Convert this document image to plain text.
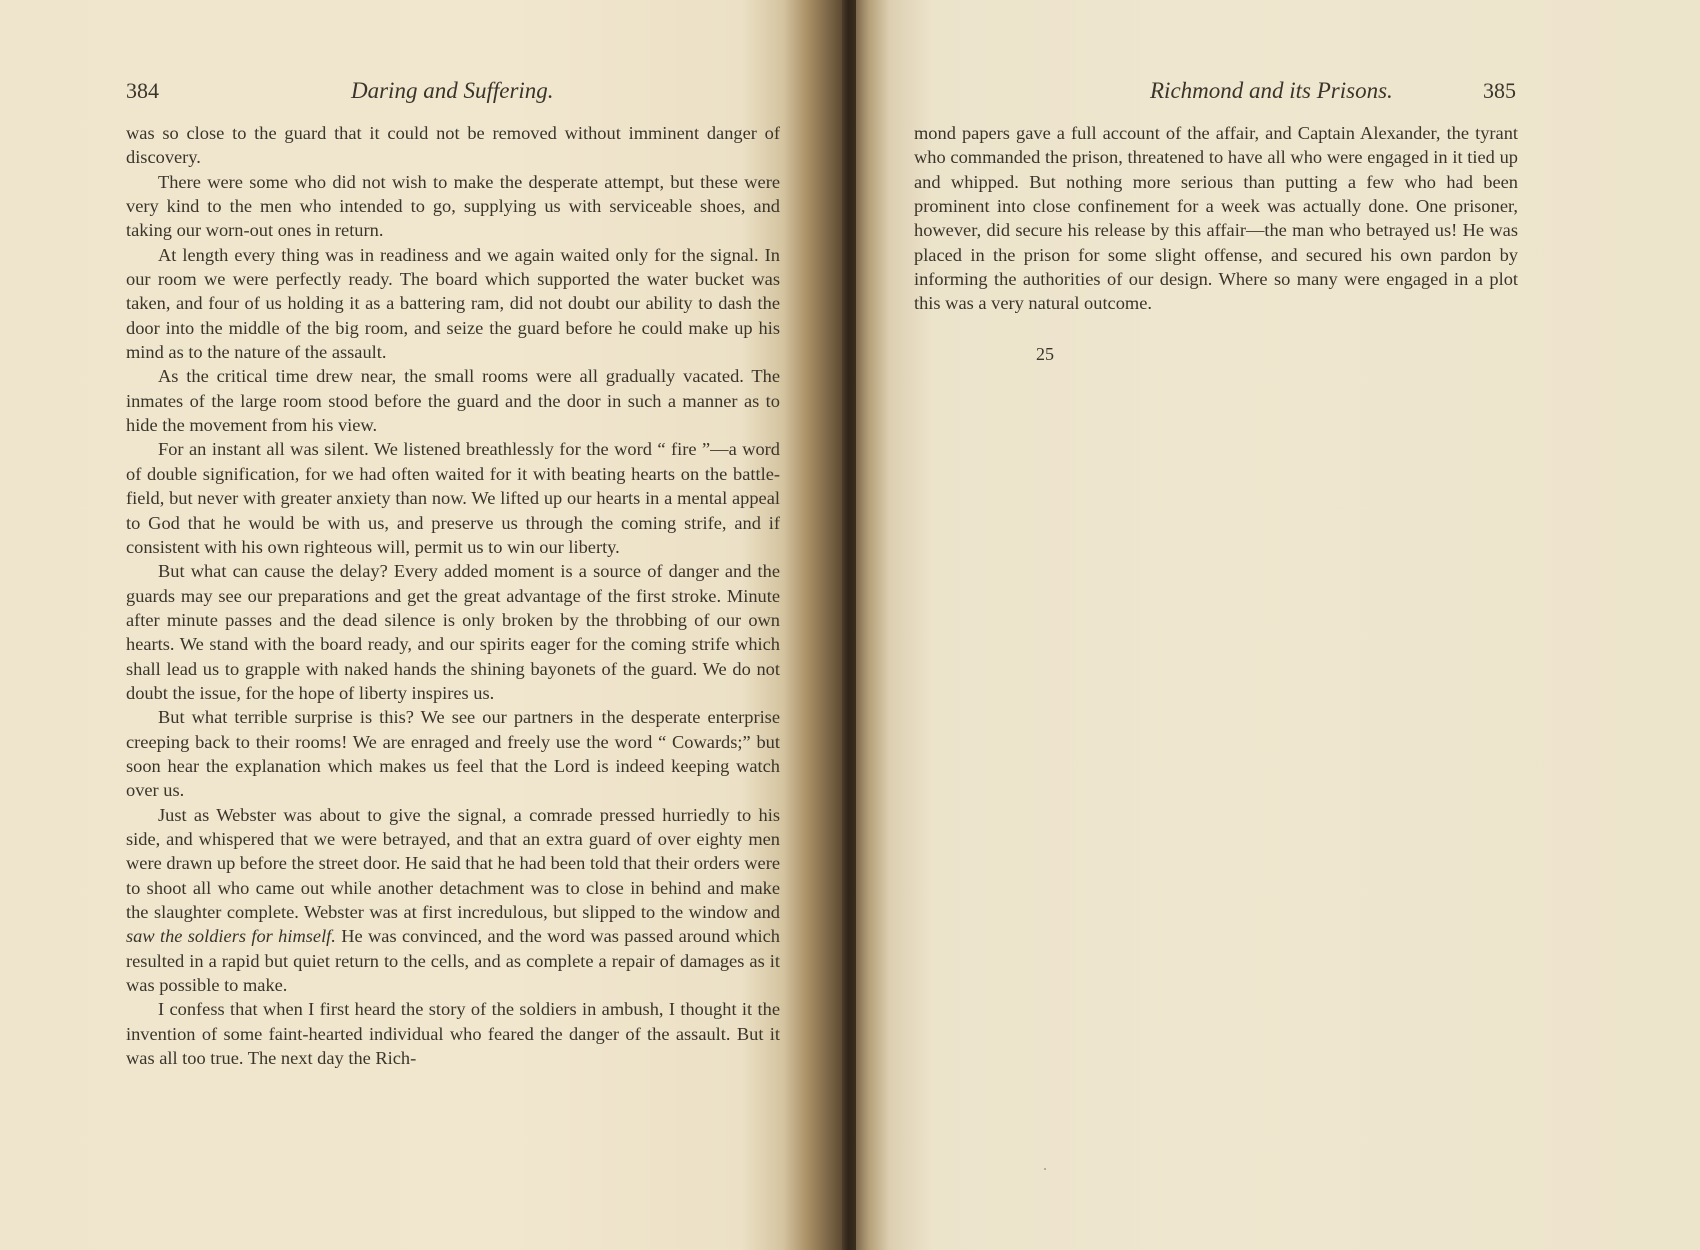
384	Daring and Suffering.

was so close to the guard that it could not be removed without imminent danger of discovery.

There were some who did not wish to make the desperate attempt, but these were very kind to the men who intended to go, supplying us with serviceable shoes, and taking our worn-out ones in return.

At length every thing was in readiness and we again waited only for the signal. In our room we were perfectly ready. The board which supported the water bucket was taken, and four of us holding it as a battering ram, did not doubt our ability to dash the door into the middle of the big room, and seize the guard before he could make up his mind as to the nature of the assault.

As the critical time drew near, the small rooms were all gradually vacated. The inmates of the large room stood before the guard and the door in such a manner as to hide the movement from his view.

For an instant all was silent. We listened breathlessly for the word “ fire ”—a word of double signification, for we had often waited for it with beating hearts on the battle-field, but never with greater anxiety than now. We lifted up our hearts in a mental appeal to God that he would be with us, and preserve us through the coming strife, and if consistent with his own righteous will, permit us to win our liberty.

But what can cause the delay? Every added moment is a source of danger and the guards may see our preparations and get the great advantage of the first stroke. Minute after minute passes and the dead silence is only broken by the throbbing of our own hearts. We stand with the board ready, and our spirits eager for the coming strife which shall lead us to grapple with naked hands the shining bayonets of the guard. We do not doubt the issue, for the hope of liberty inspires us.

But what terrible surprise is this? We see our partners in the desperate enterprise creeping back to their rooms! We are enraged and freely use the word “ Cowards;” but soon hear the explanation which makes us feel that the Lord is indeed keeping watch over us.

Just as Webster was about to give the signal, a comrade pressed hurriedly to his side, and whispered that we were betrayed, and that an extra guard of over eighty men were drawn up before the street door. He said that he had been told that their orders were to shoot all who came out while another detachment was to close in behind and make the slaughter complete. Webster was at first incredulous, but slipped to the window and saw the soldiers for himself. He was convinced, and the word was passed around which resulted in a rapid but quiet return to the cells, and as complete a repair of damages as it was possible to make.

I confess that when I first heard the story of the soldiers in ambush, I thought it the invention of some faint-hearted individual who feared the danger of the assault. But it was all too true. The next day the Rich-

Richmond and its Prisons.	385

mond papers gave a full account of the affair, and Captain Alexander, the tyrant who commanded the prison, threatened to have all who were engaged in it tied up and whipped. But nothing more serious than putting a few who had been prominent into close confinement for a week was actually done. One prisoner, however, did secure his release by this affair—the man who betrayed us! He was placed in the prison for some slight offense, and secured his own pardon by informing the authorities of our design. Where so many were engaged in a plot this was a very natural outcome.

25
